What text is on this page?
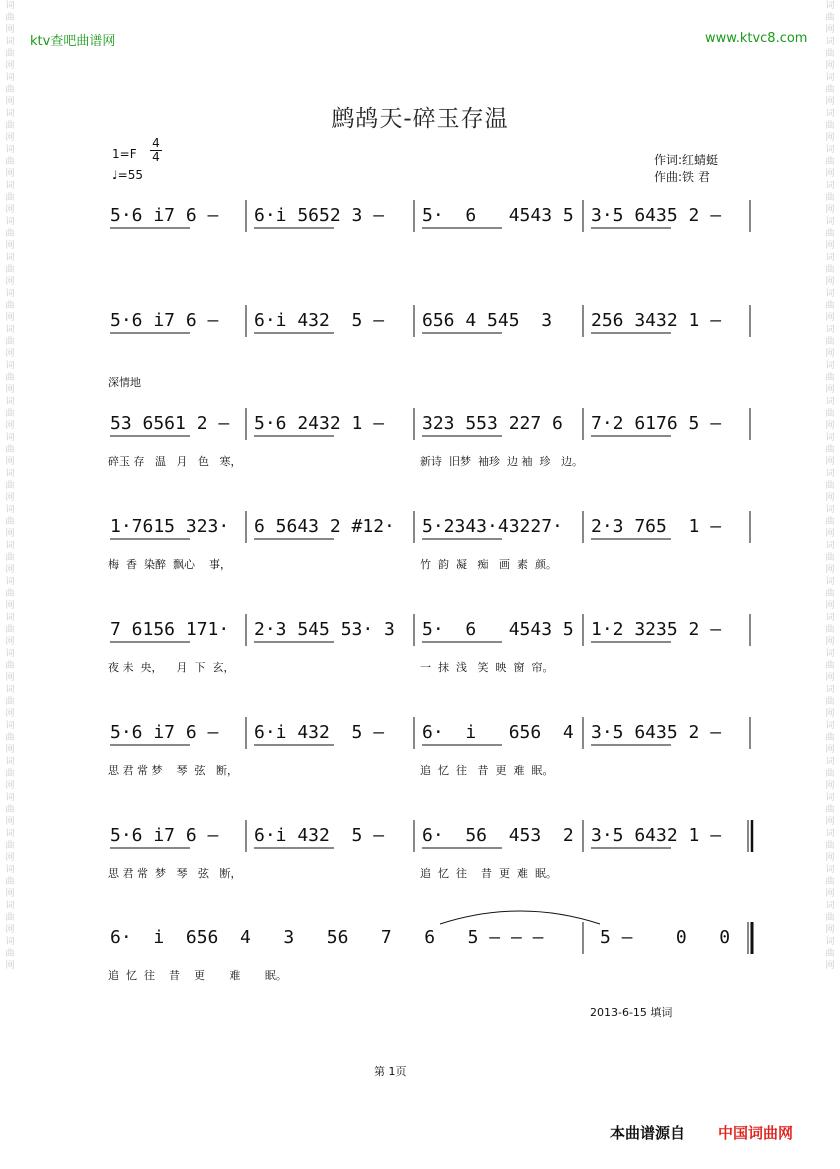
词曲网词曲网词曲网词曲网词曲网词曲网词曲网词曲网词曲网词曲网词曲网词曲网词曲网词曲网词曲网词曲网词曲网词曲网词曲网词曲网词曲网词曲网词曲网词曲网词曲网词曲网词曲网
词曲网词曲网词曲网词曲网词曲网词曲网词曲网词曲网词曲网词曲网词曲网词曲网词曲网词曲网词曲网词曲网词曲网词曲网词曲网词曲网词曲网词曲网词曲网词曲网词曲网词曲网词曲网
ktv查吧曲谱网	www.ktvc8.com
鹧鸪天-碎玉存温
1=F
4
4
♩=55
作词:红蜻蜓
作曲:铁 君
深情地
5·6 i7 6 – 6·i 5652 3 – 5·  6   4543 5 3·5 6435 2 –
5·6 i7 6 – 6·i 432  5 – 656 4 545  3 256 3432 1 –
53 6561 2 – 5·6 2432 1 – 323 553 227 6 7·2 6176 5 –
碎玉 存   温   月   色   寒，	新诗  旧梦  袖珍  边 袖  珍   边。
1·7615 323· 6 5643 2 #12· 5·2343·43227· 2·3 765  1 –
梅  香  染醉  飘心    事，	竹  韵  凝   痴   画  素  颜。
7 6156 171· 2·3 545 53· 3 5·  6   4543 5 1·2 3235 2 –
夜 未  央，    月  下  玄，	一  抹  浅   笑  映  窗  帘。
5·6 i7 6 – 6·i 432  5 – 6·  i   656  4 3·5 6435 2 –
思 君 常 梦    琴  弦   断，	追  忆  往   昔  更  难  眠。
5·6 i7 6 – 6·i 432  5 – 6·  56  453  2 3·5 6432 1 –
思 君 常  梦   琴   弦   断，	追  忆  往    昔  更  难  眠。
6·  i  656  4   3   56   7   6   5 – – –	5 –    0   0
追  忆  往    昔    更       难       眠。
2013-6-15 填词
第 1页
本曲谱源自 中国词曲网
